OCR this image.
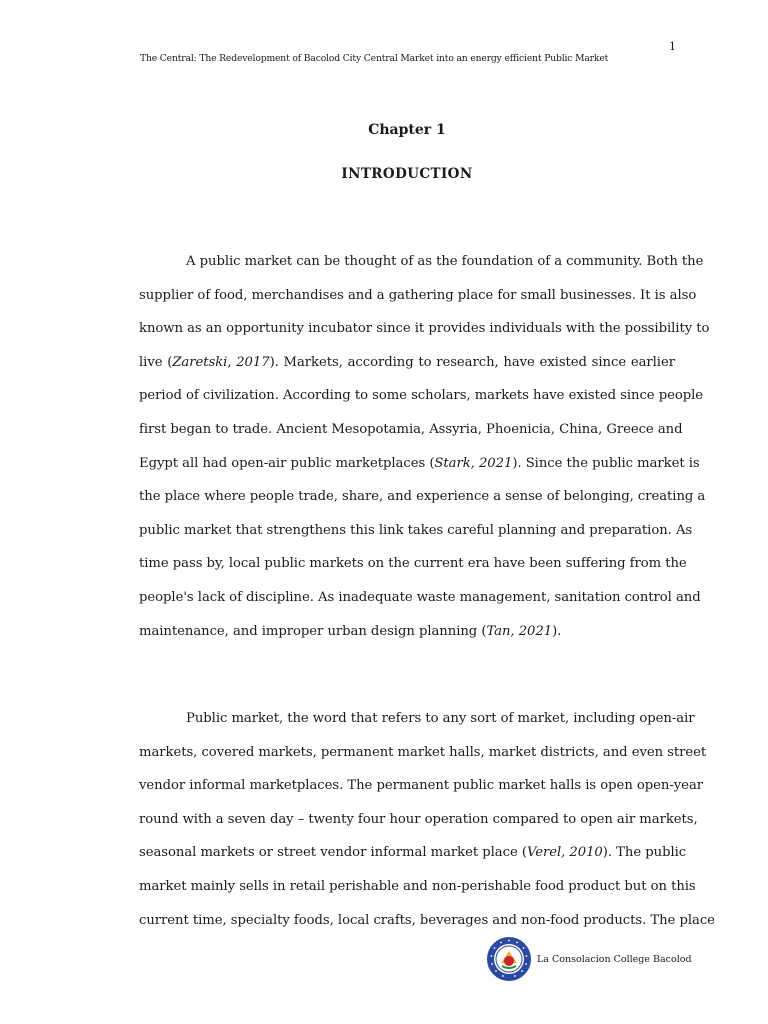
1
The Central: The Redevelopment of Bacolod City Central Market into an energy efficient Public Market
Chapter 1
INTRODUCTION
A public market can be thought of as the foundation of a community. Both the
supplier of food, merchandises and a gathering place for small businesses. It is also
known as an opportunity incubator since it provides individuals with the possibility to
live (Zaretski, 2017). Markets, according to research, have existed since earlier
period of civilization. According to some scholars, markets have existed since people
first began to trade. Ancient Mesopotamia, Assyria, Phoenicia, China, Greece and
Egypt all had open-air public marketplaces (Stark, 2021). Since the public market is
the place where people trade, share, and experience a sense of belonging, creating a
public market that strengthens this link takes careful planning and preparation. As
time pass by, local public markets on the current era have been suffering from the
people's lack of discipline. As inadequate waste management, sanitation control and
maintenance, and improper urban design planning (Tan, 2021).
Public market, the word that refers to any sort of market, including open-air
markets, covered markets, permanent market halls, market districts, and even street
vendor informal marketplaces. The permanent public market halls is open open-year
round with a seven day – twenty four hour operation compared to open air markets,
seasonal markets or street vendor informal market place (Verel, 2010). The public
market mainly sells in retail perishable and non-perishable food product but on this
current time, specialty foods, local crafts, beverages and non-food products. The place
La Consolacion College Bacolod
